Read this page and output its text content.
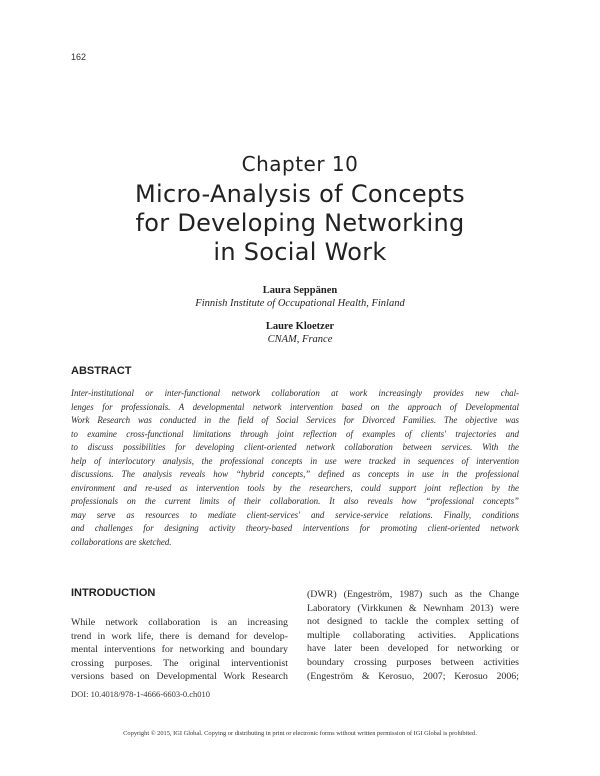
162
Chapter 10
Micro-Analysis of Concepts
for Developing Networking
in Social Work
Laura Seppänen
Finnish Institute of Occupational Health, Finland
Laure Kloetzer
CNAM, France
ABSTRACT
Inter-institutional or inter-functional network collaboration at work increasingly provides new chal-
lenges for professionals. A developmental network intervention based on the approach of Developmental
Work Research was conducted in the field of Social Services for Divorced Families. The objective was
to examine cross-functional limitations through joint reflection of examples of clients' trajectories and
to discuss possibilities for developing client-oriented network collaboration between services. With the
help of interlocutory analysis, the professional concepts in use were tracked in sequences of intervention
discussions. The analysis reveals how “hybrid concepts,” defined as concepts in use in the professional
environment and re-used as intervention tools by the researchers, could support joint reflection by the
professionals on the current limits of their collaboration. It also reveals how “professional concepts”
may serve as resources to mediate client-services' and service-service relations. Finally, conditions
and challenges for designing activity theory-based interventions for promoting client-oriented network
collaborations are sketched.
INTRODUCTION
While network collaboration is an increasing
trend in work life, there is demand for develop-
mental interventions for networking and boundary
crossing purposes. The original interventionist
versions based on Developmental Work Research
(DWR) (Engeström, 1987) such as the Change
Laboratory (Virkkunen & Newnham 2013) were
not designed to tackle the complex setting of
multiple collaborating activities. Applications
have later been developed for networking or
boundary crossing purposes between activities
(Engeström & Kerosuo, 2007; Kerosuo 2006;
DOI: 10.4018/978-1-4666-6603-0.ch010
Copyright © 2015, IGI Global. Copying or distributing in print or electronic forms without written permission of IGI Global is prohibited.
